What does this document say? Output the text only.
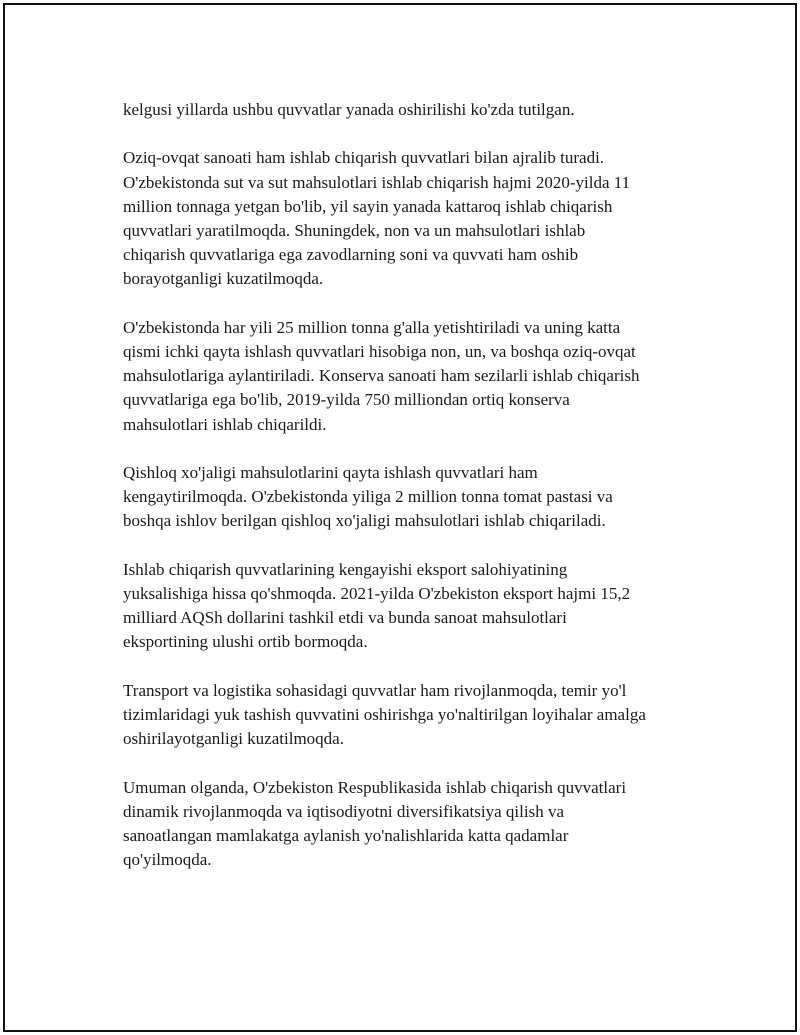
kelgusi yillarda ushbu quvvatlar yanada oshirilishi ko'zda tutilgan.

Oziq-ovqat sanoati ham ishlab chiqarish quvvatlari bilan ajralib turadi.
O'zbekistonda sut va sut mahsulotlari ishlab chiqarish hajmi 2020-yilda 11
million tonnaga yetgan bo'lib, yil sayin yanada kattaroq ishlab chiqarish
quvvatlari yaratilmoqda. Shuningdek, non va un mahsulotlari ishlab
chiqarish quvvatlariga ega zavodlarning soni va quvvati ham oshib
borayotganligi kuzatilmoqda.

O'zbekistonda har yili 25 million tonna g'alla yetishtiriladi va uning katta
qismi ichki qayta ishlash quvvatlari hisobiga non, un, va boshqa oziq-ovqat
mahsulotlariga aylantiriladi. Konserva sanoati ham sezilarli ishlab chiqarish
quvvatlariga ega bo'lib, 2019-yilda 750 milliondan ortiq konserva
mahsulotlari ishlab chiqarildi.

Qishloq xo'jaligi mahsulotlarini qayta ishlash quvvatlari ham
kengaytirilmoqda. O'zbekistonda yiliga 2 million tonna tomat pastasi va
boshqa ishlov berilgan qishloq xo'jaligi mahsulotlari ishlab chiqariladi.

Ishlab chiqarish quvvatlarining kengayishi eksport salohiyatining
yuksalishiga hissa qo'shmoqda. 2021-yilda O'zbekiston eksport hajmi 15,2
milliard AQSh dollarini tashkil etdi va bunda sanoat mahsulotlari
eksportining ulushi ortib bormoqda.

Transport va logistika sohasidagi quvvatlar ham rivojlanmoqda, temir yo'l
tizimlaridagi yuk tashish quvvatini oshirishga yo'naltirilgan loyihalar amalga
oshirilayotganligi kuzatilmoqda.

Umuman olganda, O'zbekiston Respublikasida ishlab chiqarish quvvatlari
dinamik rivojlanmoqda va iqtisodiyotni diversifikatsiya qilish va
sanoatlangan mamlakatga aylanish yo'nalishlarida katta qadamlar
qo'yilmoqda.
